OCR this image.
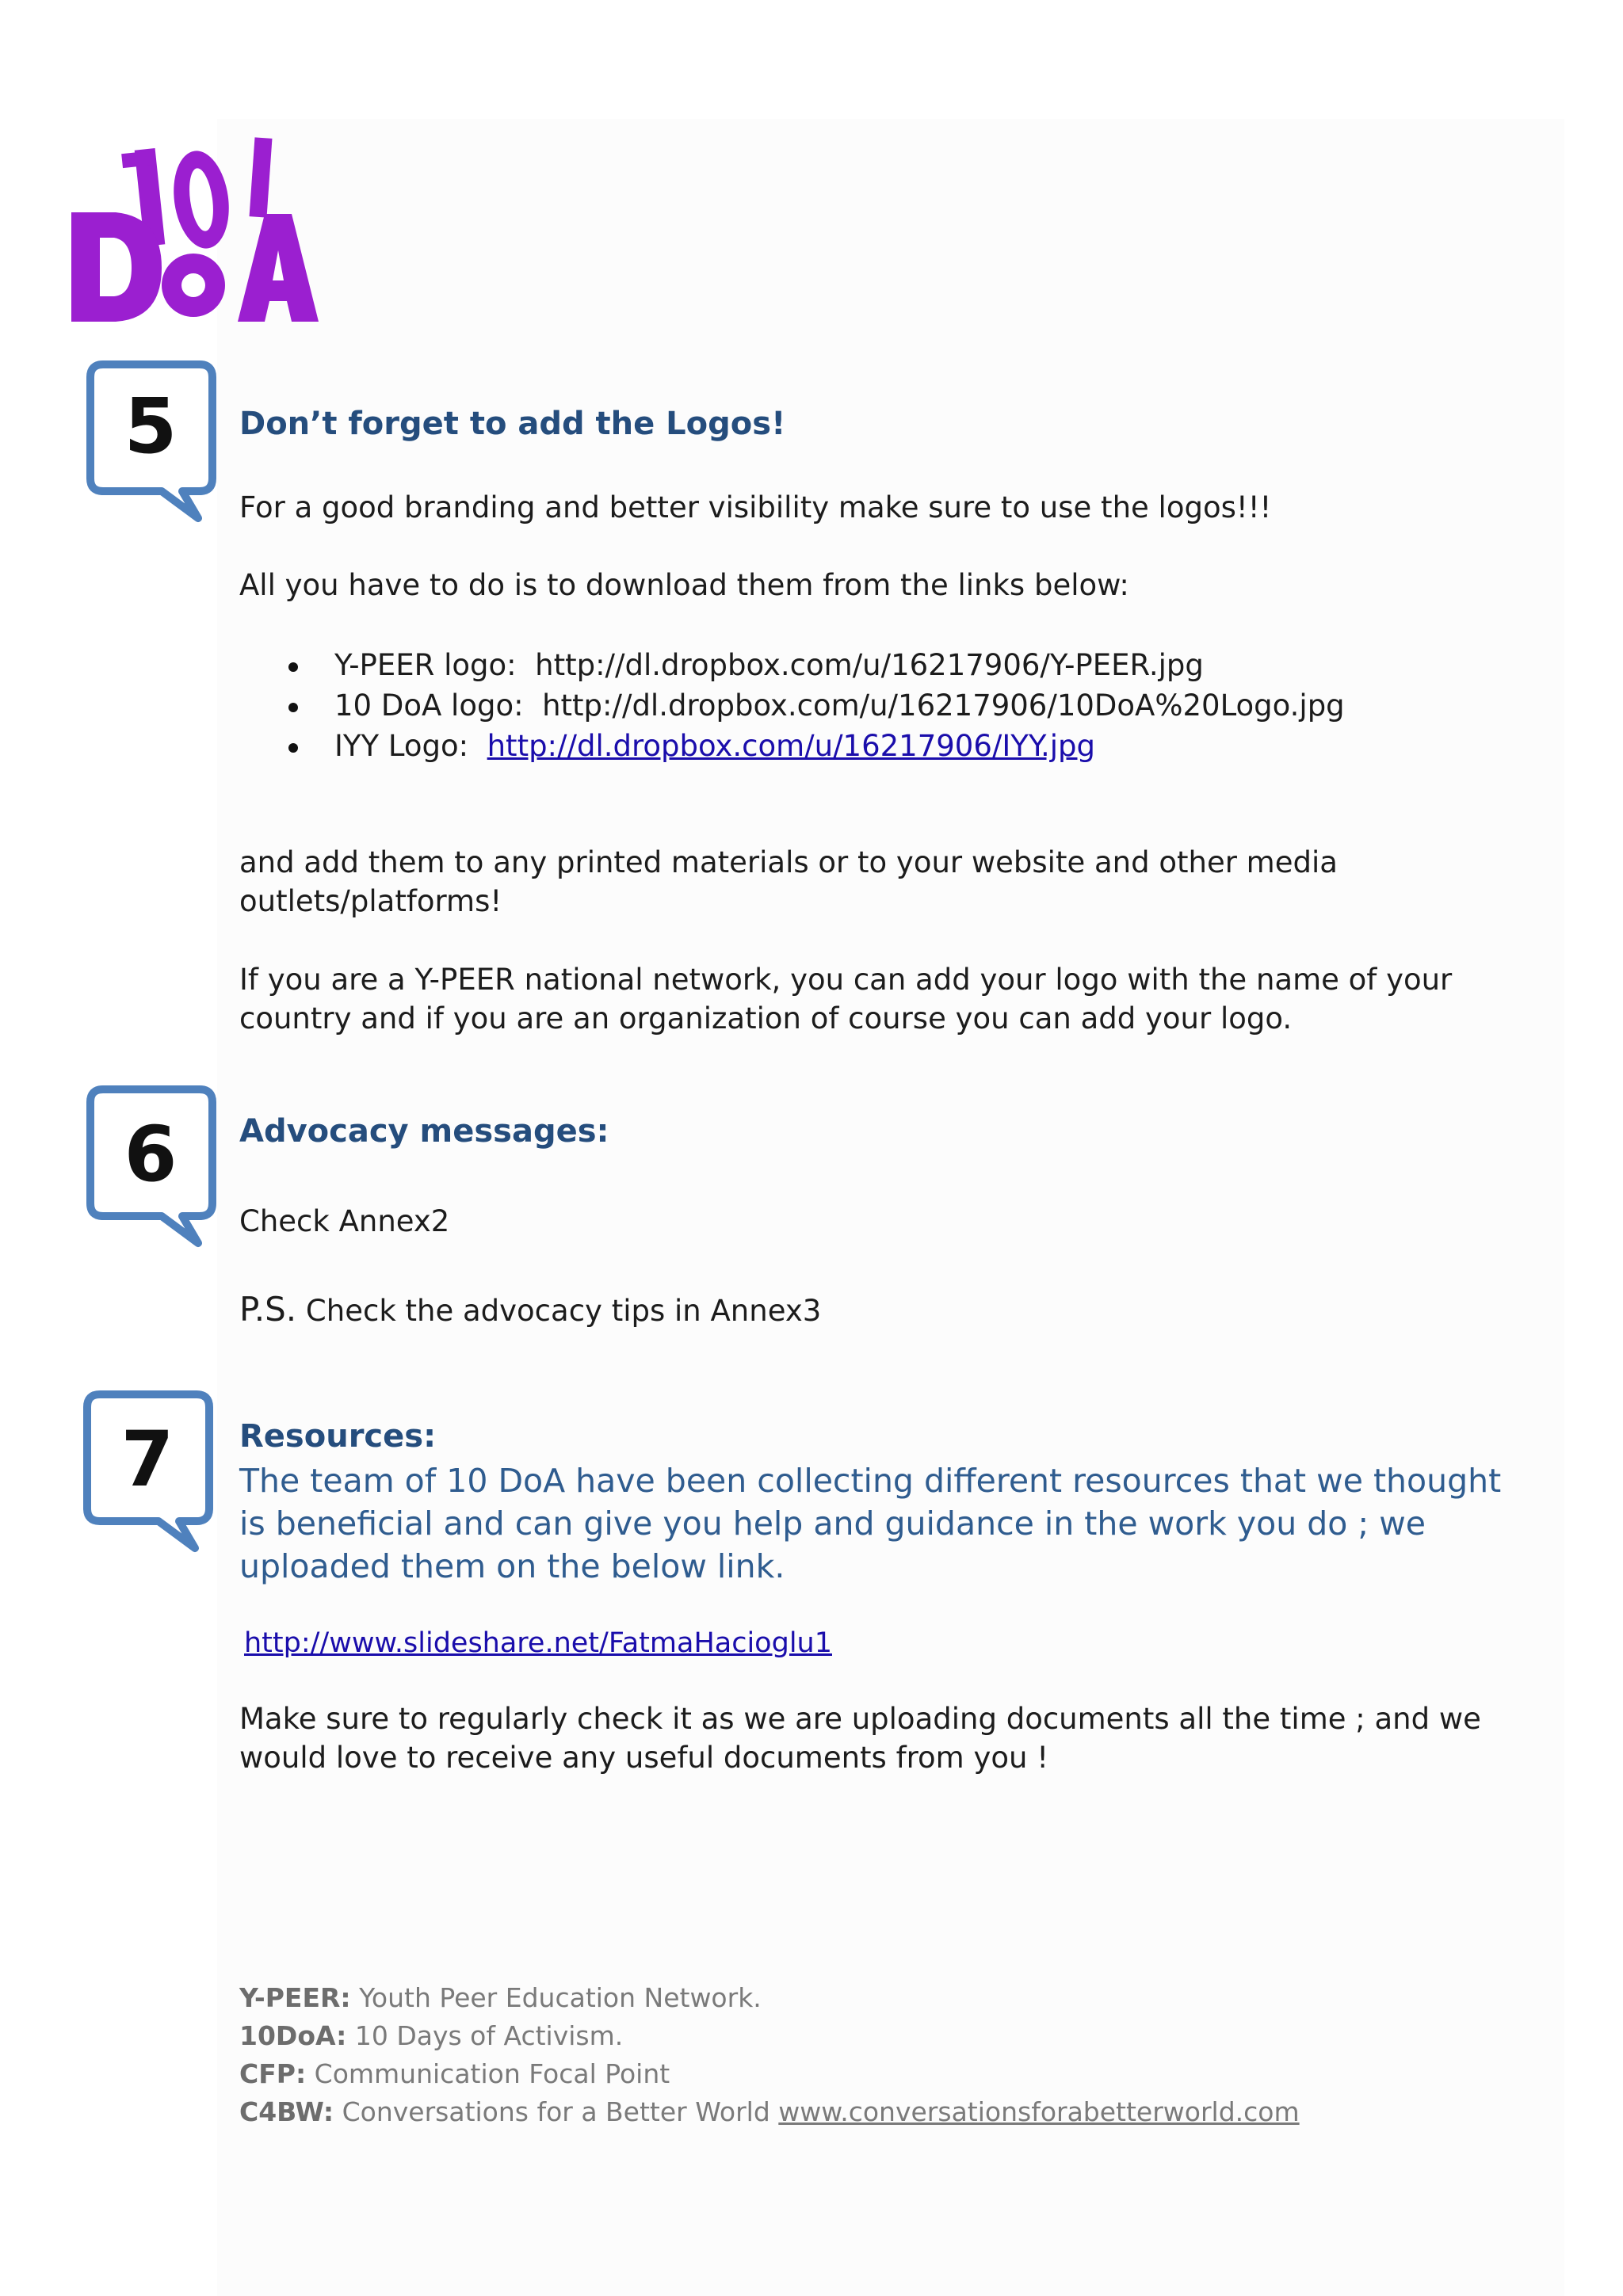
5	Don’t forget to add the Logos!
For a good branding and better visibility make sure to use the logos!!!
All you have to do is to download them from the links below:
Y-PEER logo: http://dl.dropbox.com/u/16217906/Y-PEER.jpg
10 DoA logo: http://dl.dropbox.com/u/16217906/10DoA%20Logo.jpg
IYY Logo: http://dl.dropbox.com/u/16217906/IYY.jpg
and add them to any printed materials or to your website and other media
outlets/platforms!
If you are a Y-PEER national network, you can add your logo with the name of your
country and if you are an organization of course you can add your logo.
6	Advocacy messages:
Check Annex2
P.S. Check the advocacy tips in Annex3
7	Resources:
The team of 10 DoA have been collecting different resources that we thought
is beneficial and can give you help and guidance in the work you do ; we
uploaded them on the below link.
http://www.slideshare.net/FatmaHacioglu1
Make sure to regularly check it as we are uploading documents all the time ; and we
would love to receive any useful documents from you !
Y-PEER: Youth Peer Education Network.
10DoA: 10 Days of Activism.
CFP: Communication Focal Point
C4BW: Conversations for a Better World www.conversationsforabetterworld.com
